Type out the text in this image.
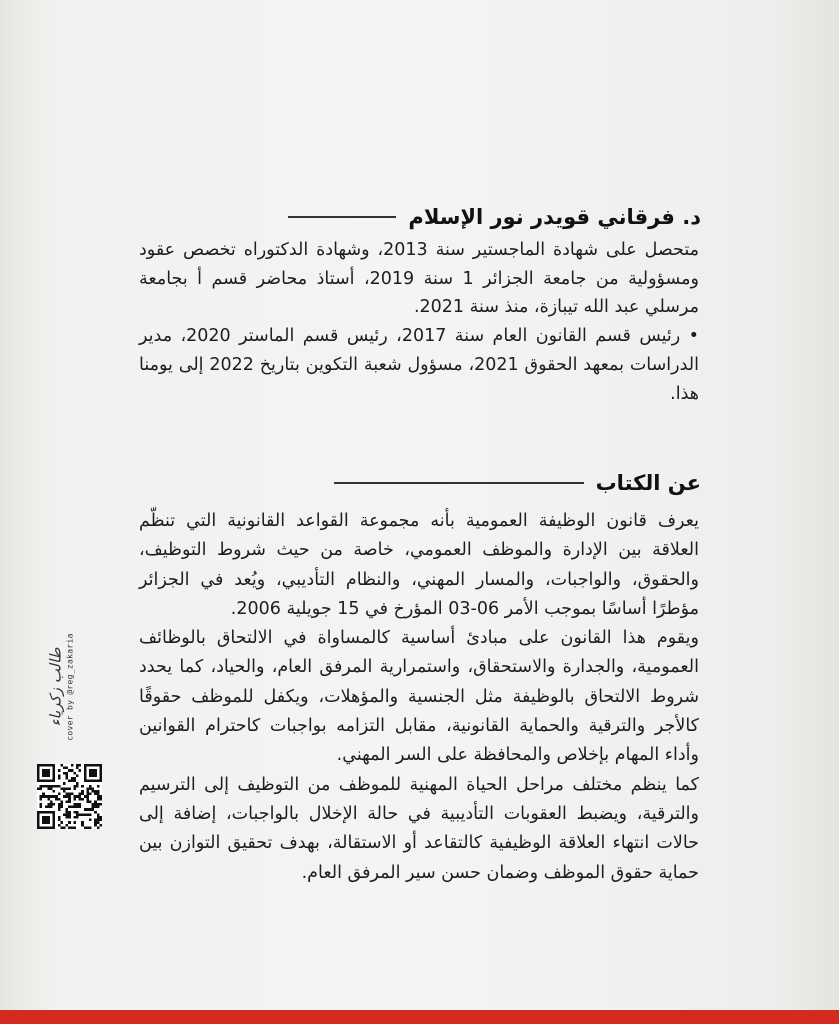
د. فرقاني قويدر نور الإسلام

متحصل على شهادة الماجستير سنة 2013، وشهادة الدكتوراه تخصص عقود ومسؤولية من جامعة الجزائر 1 سنة 2019، أستاذ محاضر قسم أ بجامعة مرسلي عبد الله تيبازة، منذ سنة 2021.

• رئيس قسم القانون العام سنة 2017، رئيس قسم الماستر 2020، مدير الدراسات بمعهد الحقوق 2021، مسؤول شعبة التكوين بتاريخ 2022 إلى يومنا هذا.

عن الكتاب

يعرف قانون الوظيفة العمومية بأنه مجموعة القواعد القانونية التي تنظّم العلاقة بين الإدارة والموظف العمومي، خاصة من حيث شروط التوظيف، والحقوق، والواجبات، والمسار المهني، والنظام التأديبي، ويُعد في الجزائر مؤطرًا أساسًا بموجب الأمر 06-03 المؤرخ في 15 جويلية 2006.

ويقوم هذا القانون على مبادئ أساسية كالمساواة في الالتحاق بالوظائف العمومية، والجدارة والاستحقاق، واستمرارية المرفق العام، والحياد، كما يحدد شروط الالتحاق بالوظيفة مثل الجنسية والمؤهلات، ويكفل للموظف حقوقًا كالأجر والترقية والحماية القانونية، مقابل التزامه بواجبات كاحترام القوانين وأداء المهام بإخلاص والمحافظة على السر المهني.

كما ينظم مختلف مراحل الحياة المهنية للموظف من التوظيف إلى الترسيم والترقية، ويضبط العقوبات التأديبية في حالة الإخلال بالواجبات، إضافة إلى حالات انتهاء العلاقة الوظيفية كالتقاعد أو الاستقالة، بهدف تحقيق التوازن بين حماية حقوق الموظف وضمان حسن سير المرفق العام.

ﻃﺎﻟﺐ ﺯﻛﺮﻳﺎﺀ cover by @reg_zakaria
